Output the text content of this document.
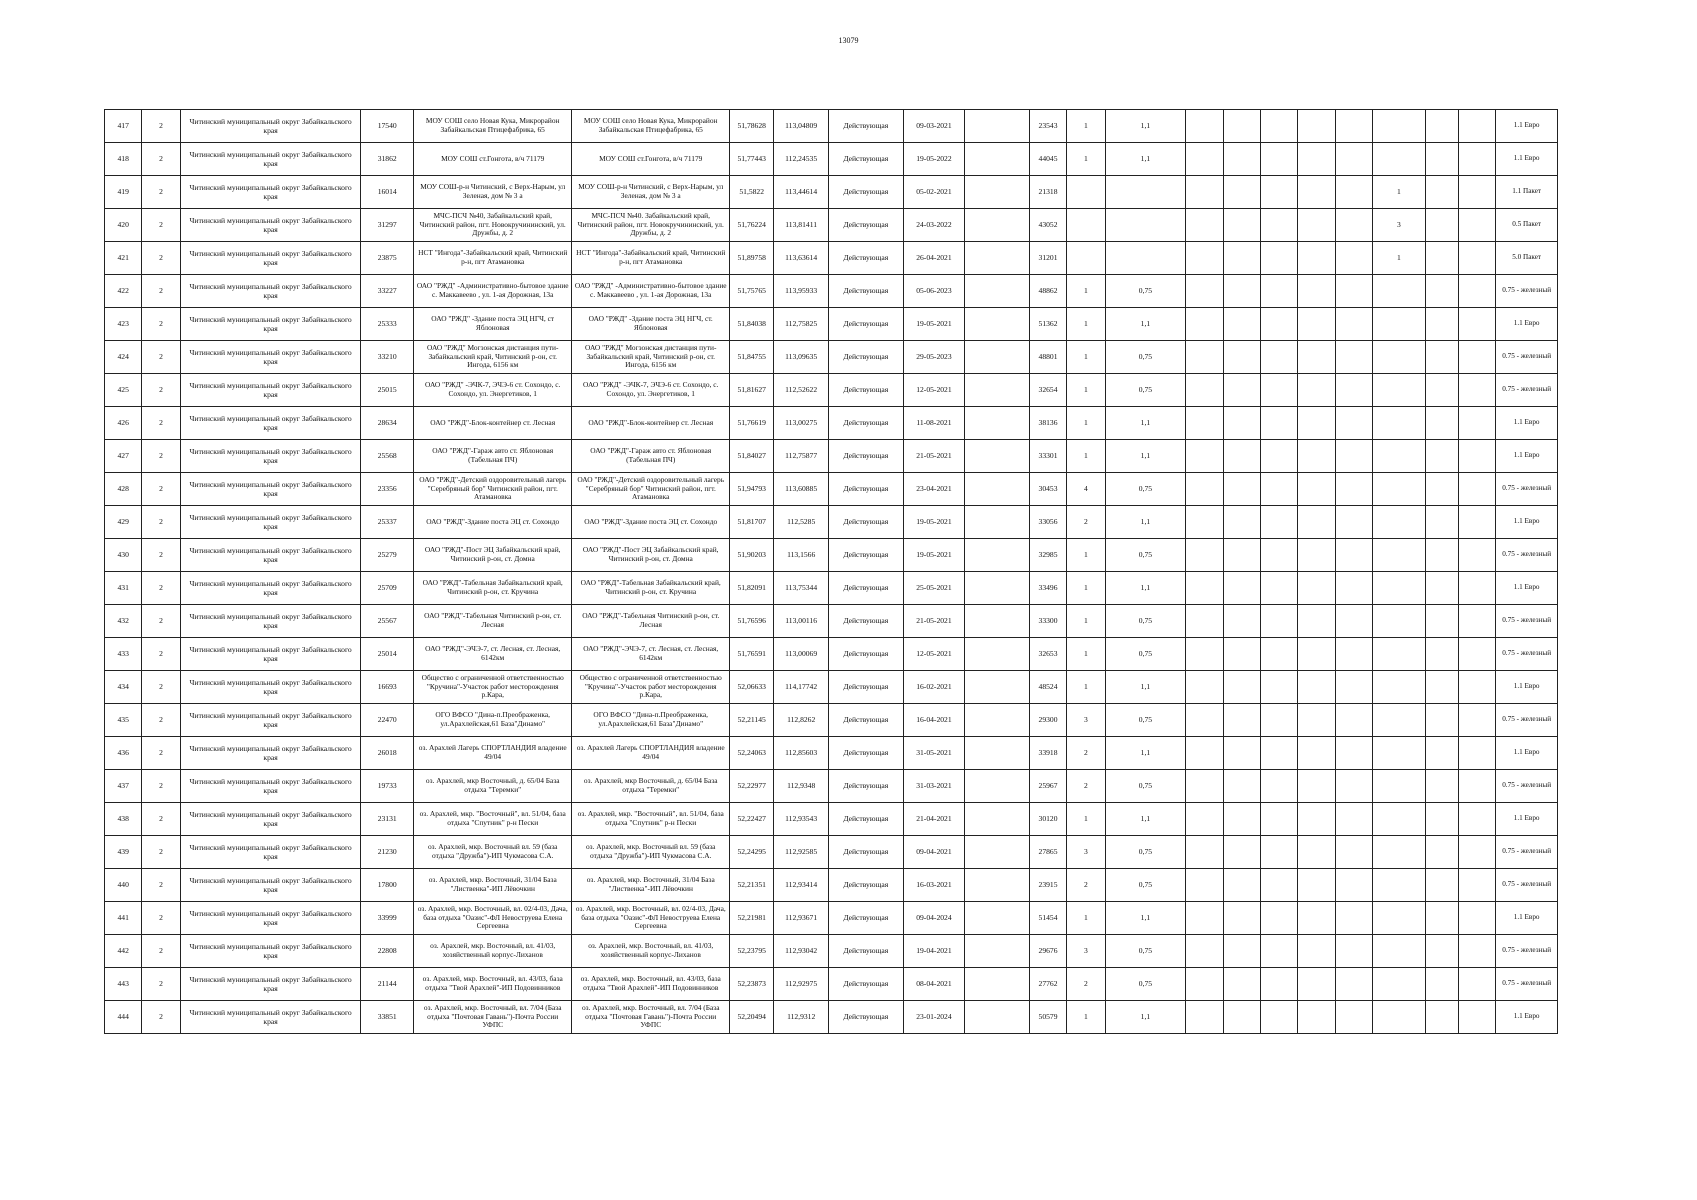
13079
417	2	Читинский муниципальный округ Забайкальского края	17540	МОУ СОШ село Новая Кука, Микрорайон Забайкальская Птицефабрика, 65	МОУ СОШ село Новая Кука, Микрорайон Забайкальская Птицефабрика, 65	51,78628	113,04809	Действующая	09-03-2021		23543	1	1,1									1.1 Евро

418	2	Читинский муниципальный округ Забайкальского края	31862	МОУ СОШ ст.Гонгота, в/ч 71179	МОУ СОШ ст.Гонгота, в/ч 71179	51,77443	112,24535	Действующая	19-05-2022		44045	1	1,1									1.1 Евро

419	2	Читинский муниципальный округ Забайкальского края	16014	МОУ СОШ-р-н Читинский, с Верх-Нарым, ул Зеленая, дом № 3 а	МОУ СОШ-р-н Читинский, с Верх-Нарым, ул Зеленая, дом № 3 а	51,5822	113,44614	Действующая	05-02-2021		21318								1			1.1 Пакет

420	2	Читинский муниципальный округ Забайкальского края	31297	МЧС-ПСЧ №40, Забайкальский край, Читинский район, пгт. Новокручининский, ул. Дружбы, д. 2	МЧС-ПСЧ №40. Забайкальский край, Читинский район, пгт. Новокручининский, ул. Дружбы, д. 2	51,76224	113,81411	Действующая	24-03-2022		43052								3			0.5 Пакет

421	2	Читинский муниципальный округ Забайкальского края	23875	НСТ "Ингода"-Забайкальский край, Читинский р-н, пгт Атамановка	НСТ "Ингода"-Забайкальский край, Читинский р-н, пгт Атамановка	51,89758	113,63614	Действующая	26-04-2021		31201								1			5.0 Пакет

422	2	Читинский муниципальный округ Забайкальского края	33227	ОАО "РЖД" -Административно-бытовое здание с. Маккавеево , ул. 1-ая Дорожная, 13а	ОАО "РЖД" -Административно-бытовое здание с. Маккавеево , ул. 1-ая Дорожная, 13а	51,75765	113,95933	Действующая	05-06-2023		48862	1	0,75									0.75 - железный

423	2	Читинский муниципальный округ Забайкальского края	25333	ОАО "РЖД" -Здание поста ЭЦ НГЧ, ст Яблоновая	ОАО "РЖД" -Здание поста ЭЦ НГЧ, ст. Яблоновая	51,84038	112,75825	Действующая	19-05-2021		51362	1	1,1									1.1 Евро

424	2	Читинский муниципальный округ Забайкальского края	33210	ОАО "РЖД" Могзонская дистанция пути-Забайкальский край, Читинский р-он, ст. Ингода, 6156 км	ОАО "РЖД" Могзонская дистанция пути-Забайкальский край, Читинский р-он, ст. Ингода, 6156 км	51,84755	113,09635	Действующая	29-05-2023		48801	1	0,75									0.75 - железный

425	2	Читинский муниципальный округ Забайкальского края	25015	ОАО "РЖД" -ЭЧК-7, ЭЧЭ-6 ст. Сохондо, с. Сохондо, ул. Энергетиков, 1	ОАО "РЖД" -ЭЧК-7, ЭЧЭ-6 ст. Сохондо, с. Сохондо, ул. Энергетиков, 1	51,81627	112,52622	Действующая	12-05-2021		32654	1	0,75									0.75 - железный

426	2	Читинский муниципальный округ Забайкальского края	28634	ОАО "РЖД"-Блок-контейнер ст. Лесная	ОАО "РЖД"-Блок-контейнер ст. Лесная	51,76619	113,00275	Действующая	11-08-2021		38136	1	1,1									1.1 Евро

427	2	Читинский муниципальный округ Забайкальского края	25568	ОАО "РЖД"-Гараж авто ст. Яблоновая (Табельная ПЧ)	ОАО "РЖД"-Гараж авто ст. Яблоновая (Табельная ПЧ)	51,84027	112,75877	Действующая	21-05-2021		33301	1	1,1									1.1 Евро

428	2	Читинский муниципальный округ Забайкальского края	23356	ОАО "РЖД"-Детский оздоровительный лагерь "Серебряный бор" Читинский район, пгт. Атамановка	ОАО "РЖД"-Детский оздоровительный лагерь "Серебряный бор" Читинский район, пгт. Атамановка	51,94793	113,60885	Действующая	23-04-2021		30453	4	0,75									0.75 - железный

429	2	Читинский муниципальный округ Забайкальского края	25337	ОАО "РЖД"-Здание поста ЭЦ ст. Сохондо	ОАО "РЖД"-Здание поста ЭЦ ст. Сохондо	51,81707	112,5285	Действующая	19-05-2021		33056	2	1,1									1.1 Евро

430	2	Читинский муниципальный округ Забайкальского края	25279	ОАО "РЖД"-Пост ЭЦ Забайкальский край, Читинский р-он, ст. Домна	ОАО "РЖД"-Пост ЭЦ Забайкальский край, Читинский р-он, ст. Домна	51,90203	113,1566	Действующая	19-05-2021		32985	1	0,75									0.75 - железный

431	2	Читинский муниципальный округ Забайкальского края	25709	ОАО "РЖД"-Табельная Забайкальский край, Читинский р-он, ст. Кручина	ОАО "РЖД"-Табельная Забайкальский край, Читинский р-он, ст. Кручина	51,82091	113,75344	Действующая	25-05-2021		33496	1	1,1									1.1 Евро

432	2	Читинский муниципальный округ Забайкальского края	25567	ОАО "РЖД"-Табельная Читинский р-он, ст. Лесная	ОАО "РЖД"-Табельная Читинский р-он, ст. Лесная	51,76596	113,00116	Действующая	21-05-2021		33300	1	0,75									0.75 - железный

433	2	Читинский муниципальный округ Забайкальского края	25014	ОАО "РЖД"-ЭЧЭ-7, ст. Лесная, ст. Лесная, 6142км	ОАО "РЖД"-ЭЧЭ-7, ст. Лесная, ст. Лесная, 6142км	51,76591	113,00069	Действующая	12-05-2021		32653	1	0,75									0.75 - железный

434	2	Читинский муниципальный округ Забайкальского края	16693	Общество с ограниченной ответственностью "Кручина"-Участок работ месторождения р.Кара,	Общество с ограниченной ответственностью "Кручина"-Участок работ месторождения р.Кара,	52,06633	114,17742	Действующая	16-02-2021		48524	1	1,1									1.1 Евро

435	2	Читинский муниципальный округ Забайкальского края	22470	ОГО ВФСО "Дина-п.Преображенка, ул.Арахлейская,61 База"Динамо"	ОГО ВФСО "Дина-п.Преображенка, ул.Арахлейская,61 База"Динамо"	52,21145	112,8262	Действующая	16-04-2021		29300	3	0,75									0.75 - железный

436	2	Читинский муниципальный округ Забайкальского края	26018	оз. Арахлей Лагерь СПОРТЛАНДИЯ владение 49/04	оз. Арахлей Лагерь СПОРТЛАНДИЯ владение 49/04	52,24063	112,85603	Действующая	31-05-2021		33918	2	1,1									1.1 Евро

437	2	Читинский муниципальный округ Забайкальского края	19733	оз. Арахлей, мкр Восточный, д. 65/04 База отдыха "Теремки"	оз. Арахлей, мкр Восточный, д. 65/04 База отдыха "Теремки"	52,22977	112,9348	Действующая	31-03-2021		25967	2	0,75									0.75 - железный

438	2	Читинский муниципальный округ Забайкальского края	23131	оз. Арахлей, мкр. "Восточный", вл. 51/04, база отдыха "Спутник" р-н Пески	оз. Арахлей, мкр. "Восточный", вл. 51/04, база отдыха "Спутник" р-н Пески	52,22427	112,93543	Действующая	21-04-2021		30120	1	1,1									1.1 Евро

439	2	Читинский муниципальный округ Забайкальского края	21230	оз. Арахлей, мкр. Восточный вл. 59 (база отдыха "Дружба")-ИП Чукмасова С.А.	оз. Арахлей, мкр. Восточный вл. 59 (база отдыха "Дружба")-ИП Чукмасова С.А.	52,24295	112,92585	Действующая	09-04-2021		27865	3	0,75									0.75 - железный

440	2	Читинский муниципальный округ Забайкальского края	17800	оз. Арахлей, мкр. Восточный, 31/04 База "Лиственка"-ИП Лёвочкин	оз. Арахлей, мкр. Восточный, 31/04 База "Лиственка"-ИП Лёвочкин	52,21351	112,93414	Действующая	16-03-2021		23915	2	0,75									0.75 - железный

441	2	Читинский муниципальный округ Забайкальского края	33999	оз. Арахлей, мкр. Восточный, вл. 02/4-03, Дача, база отдыха "Оазис"-ФЛ Невоструева Елена Сергеевна	оз. Арахлей, мкр. Восточный, вл. 02/4-03, Дача, база отдыха "Оазис"-ФЛ Невоструева Елена Сергеевна	52,21981	112,93671	Действующая	09-04-2024		51454	1	1,1									1.1 Евро

442	2	Читинский муниципальный округ Забайкальского края	22808	оз. Арахлей, мкр. Восточный, вл. 41/03, хозяйственный корпус-Лиханов	оз. Арахлей, мкр. Восточный, вл. 41/03, хозяйственный корпус-Лиханов	52,23795	112,93042	Действующая	19-04-2021		29676	3	0,75									0.75 - железный

443	2	Читинский муниципальный округ Забайкальского края	21144	оз. Арахлей, мкр. Восточный, вл. 43/03, база отдыха "Твой Арахлей"-ИП Подовинников	оз. Арахлей, мкр. Восточный, вл. 43/03, база отдыха "Твой Арахлей"-ИП Подовинников	52,23873	112,92975	Действующая	08-04-2021		27762	2	0,75									0.75 - железный

444	2	Читинский муниципальный округ Забайкальского края	33851	оз. Арахлей, мкр. Восточный, вл. 7/04 (База отдыха "Почтовая Гавань")-Почта России УФПС	оз. Арахлей, мкр. Восточный, вл. 7/04 (База отдыха "Почтовая Гавань")-Почта России УФПС	52,20494	112,9312	Действующая	23-01-2024		50579	1	1,1									1.1 Евро
